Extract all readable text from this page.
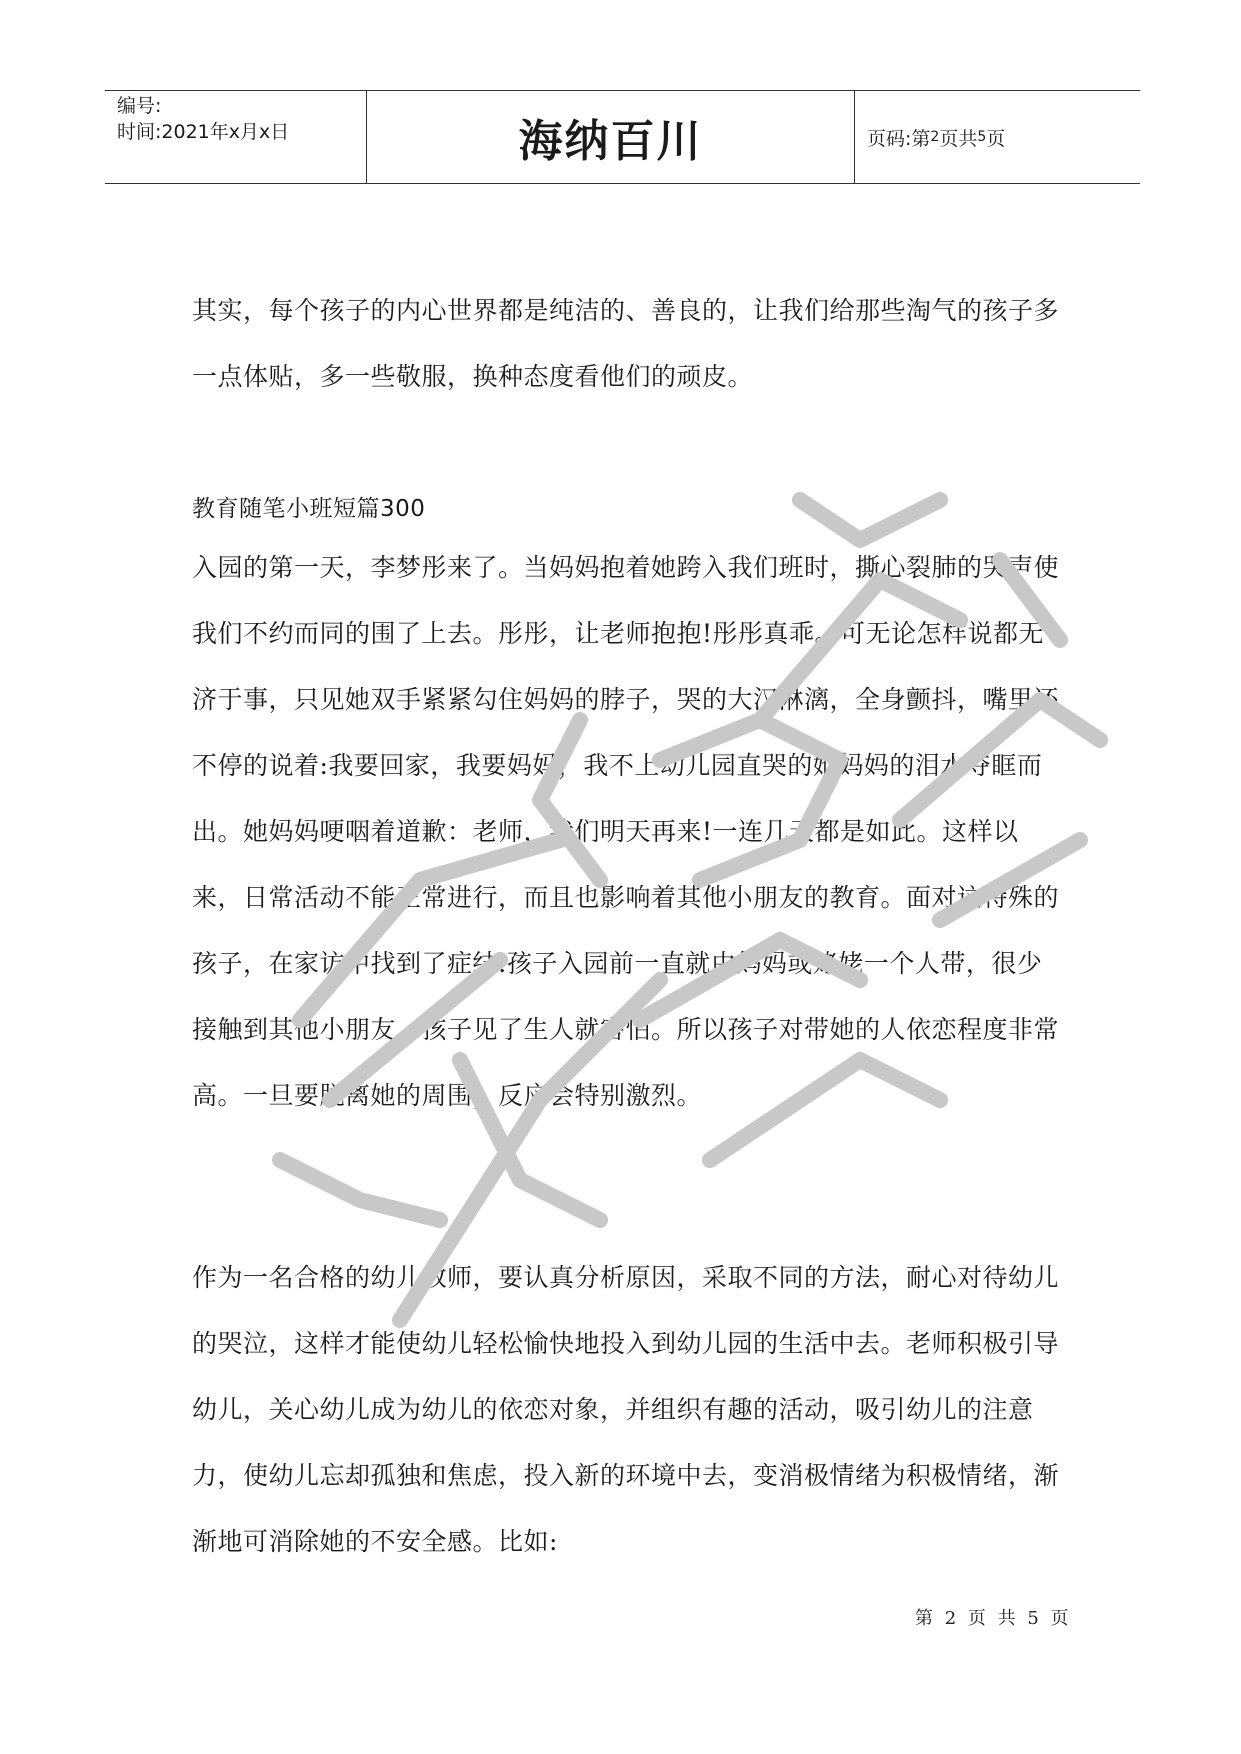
编号:
时间:2021年x月x日	海纳百川	页码:第 2 页共 5 页

其实，每个孩子的内心世界都是纯洁的、善良的，让我们给那些淘气的孩子多一点体贴，多一些敬服，换种态度看他们的顽皮。

教育随笔小班短篇300

入园的第一天，李梦彤来了。当妈妈抱着她跨入我们班时，撕心裂肺的哭声使我们不约而同的围了上去。彤彤，让老师抱抱!彤彤真乖。可无论怎样说都无济于事，只见她双手紧紧勾住妈妈的脖子，哭的大汉淋漓，全身颤抖，嘴里还不停的说着:我要回家，我要妈妈，我不上幼儿园直哭的她妈妈的泪水夺眶而出。她妈妈哽咽着道歉：老师，我们明天再来!一连几天都是如此。这样以来，日常活动不能正常进行，而且也影响着其他小朋友的教育。面对这特殊的孩子，在家访中找到了症结:孩子入园前一直就由妈妈或姥姥一个人带，很少接触到其他小朋友，孩子见了生人就害怕。所以孩子对带她的人依恋程度非常高。一旦要脱离她的周围，反应会特别激烈。

作为一名合格的幼儿教师，要认真分析原因，采取不同的方法，耐心对待幼儿的哭泣，这样才能使幼儿轻松愉快地投入到幼儿园的生活中去。老师积极引导幼儿，关心幼儿成为幼儿的依恋对象，并组织有趣的活动，吸引幼儿的注意力，使幼儿忘却孤独和焦虑，投入新的环境中去，变消极情绪为积极情绪，渐渐地可消除她的不安全感。比如:

第 2 页 共 5 页
